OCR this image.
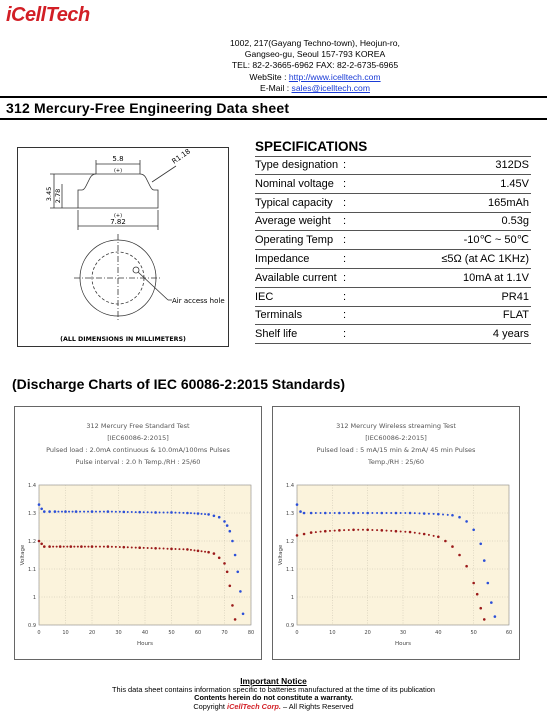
iCellTech
1002, 217(Gayang Techno-town), Heojun-ro,
Gangseo-gu, Seoul 157-793 KOREA
TEL: 82-2-3665-6962 FAX: 82-2-6735-6965
WebSite : http://www.icelltech.com
E-Mail : sales@icelltech.com
312 Mercury-Free Engineering Data sheet
5.8
(+)
R1.18
3.45 2.78
(+)
7.82
Air access hole
(ALL DIMENSIONS IN MILLIMETERS)
SPECIFICATIONS
Type designation :	312DS
Nominal voltage :	1.45V
Typical capacity :	165mAh
Average weight :	0.53g
Operating Temp :	-10℃ ~ 50℃
Impedance	:	≤5Ω (at AC 1KHz)
Available current :	10mA at 1.1V
IEC	:	PR41
Terminals	:	FLAT
Shelf life	:	4 years
(Discharge Charts of IEC 60086-2:2015 Standards)
312 Mercury Free Standard Test
[IEC60086-2:2015]
Pulsed load : 2.0mA continuous & 10.0mA/100ms Pulses
Pulse interval : 2.0 h Temp./RH : 25/60
0	10	20	30	40	50	60	70	80
0.9
1
1.1
1.2
1.3
1.4
Hours
Voltage
312 Mercury Wireless streaming Test
[IEC60086-2:2015]
Pulsed load : 5 mA/15 min & 2mA/ 45 min Pulses
Temp./RH : 25/60
0	10	20	30	40	50	60
0.9
1
1.1
1.2
1.3
1.4
Hours
Voltage
Important Notice
This data sheet contains information specific to batteries manufactured at the time of its publication
Contents herein do not constitute a warranty.
Copyright iCellTech Corp. – All Rights Reserved
